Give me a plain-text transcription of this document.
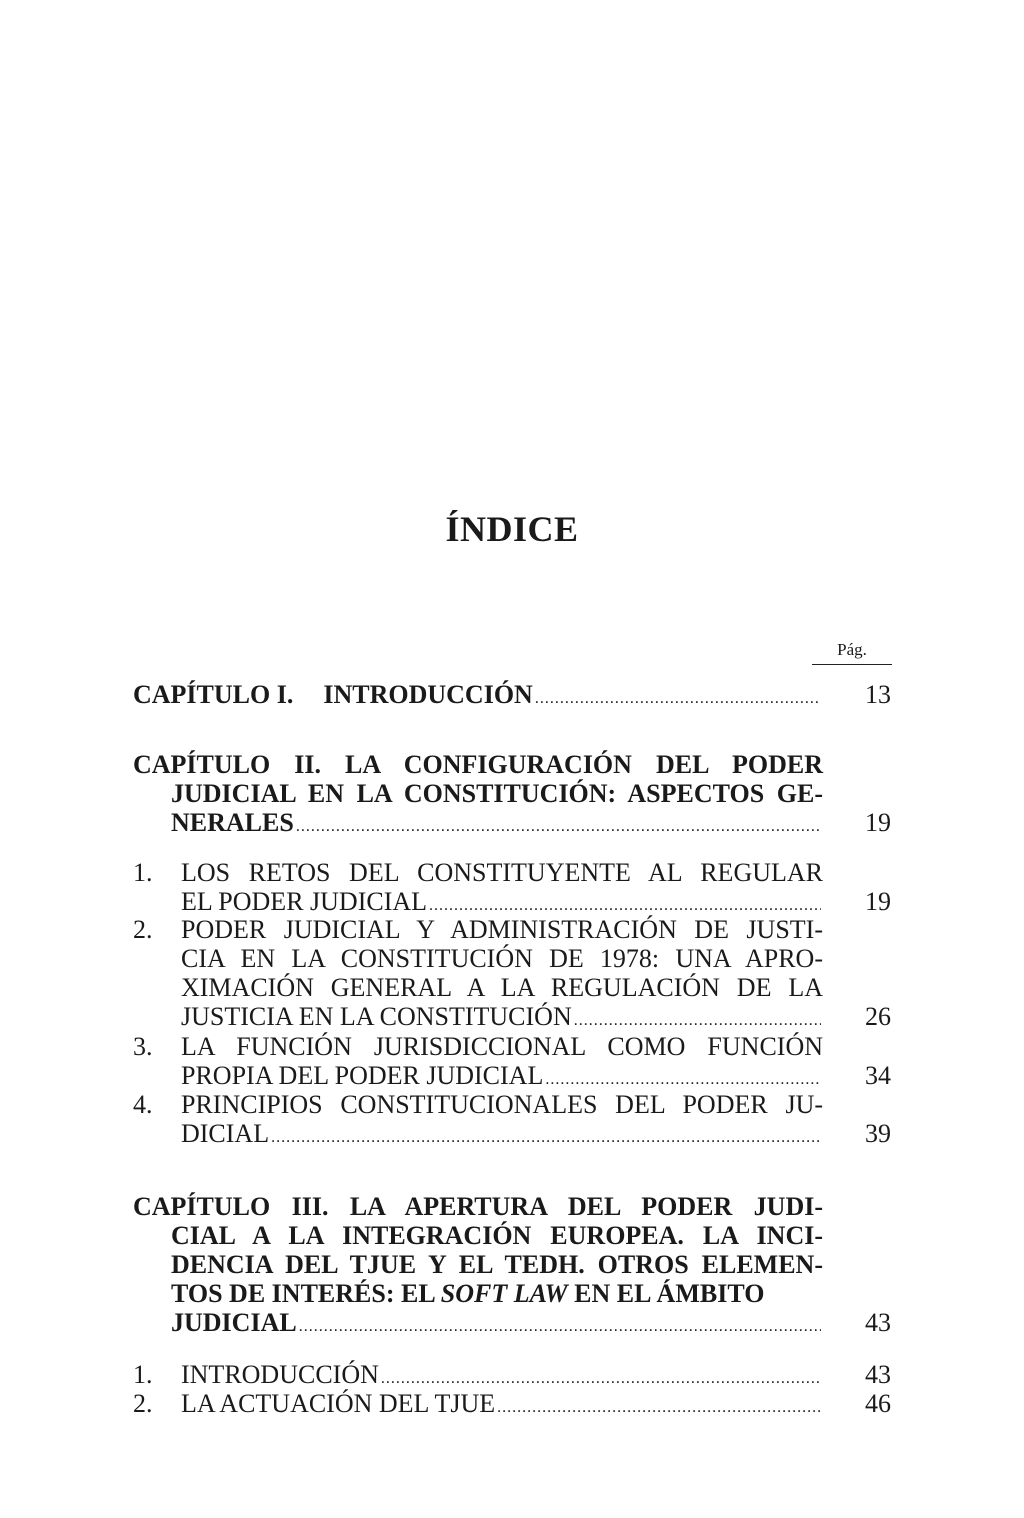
ÍNDICE
Pág.
CAPÍTULO I. INTRODUCCIÓN .....	13
CAPÍTULO II. LA CONFIGURACIÓN DEL PODER
JUDICIAL EN LA CONSTITUCIÓN: ASPECTOS GE-
NERALES .....	19
1. LOS RETOS DEL CONSTITUYENTE AL REGULAR
EL PODER JUDICIAL .....	19
2. PODER JUDICIAL Y ADMINISTRACIÓN DE JUSTI-
CIA EN LA CONSTITUCIÓN DE 1978: UNA APRO-
XIMACIÓN GENERAL A LA REGULACIÓN DE LA
JUSTICIA EN LA CONSTITUCIÓN .....	26
3. LA FUNCIÓN JURISDICCIONAL COMO FUNCIÓN
PROPIA DEL PODER JUDICIAL .....	34
4. PRINCIPIOS CONSTITUCIONALES DEL PODER JU-
DICIAL .....	39
CAPÍTULO III. LA APERTURA DEL PODER JUDI-
CIAL A LA INTEGRACIÓN EUROPEA. LA INCI-
DENCIA DEL TJUE Y EL TEDH. OTROS ELEMEN-
TOS DE INTERÉS: EL SOFT LAW EN EL ÁMBITO
JUDICIAL .....	43
1. INTRODUCCIÓN .....	43
2. LA ACTUACIÓN DEL TJUE .....	46
